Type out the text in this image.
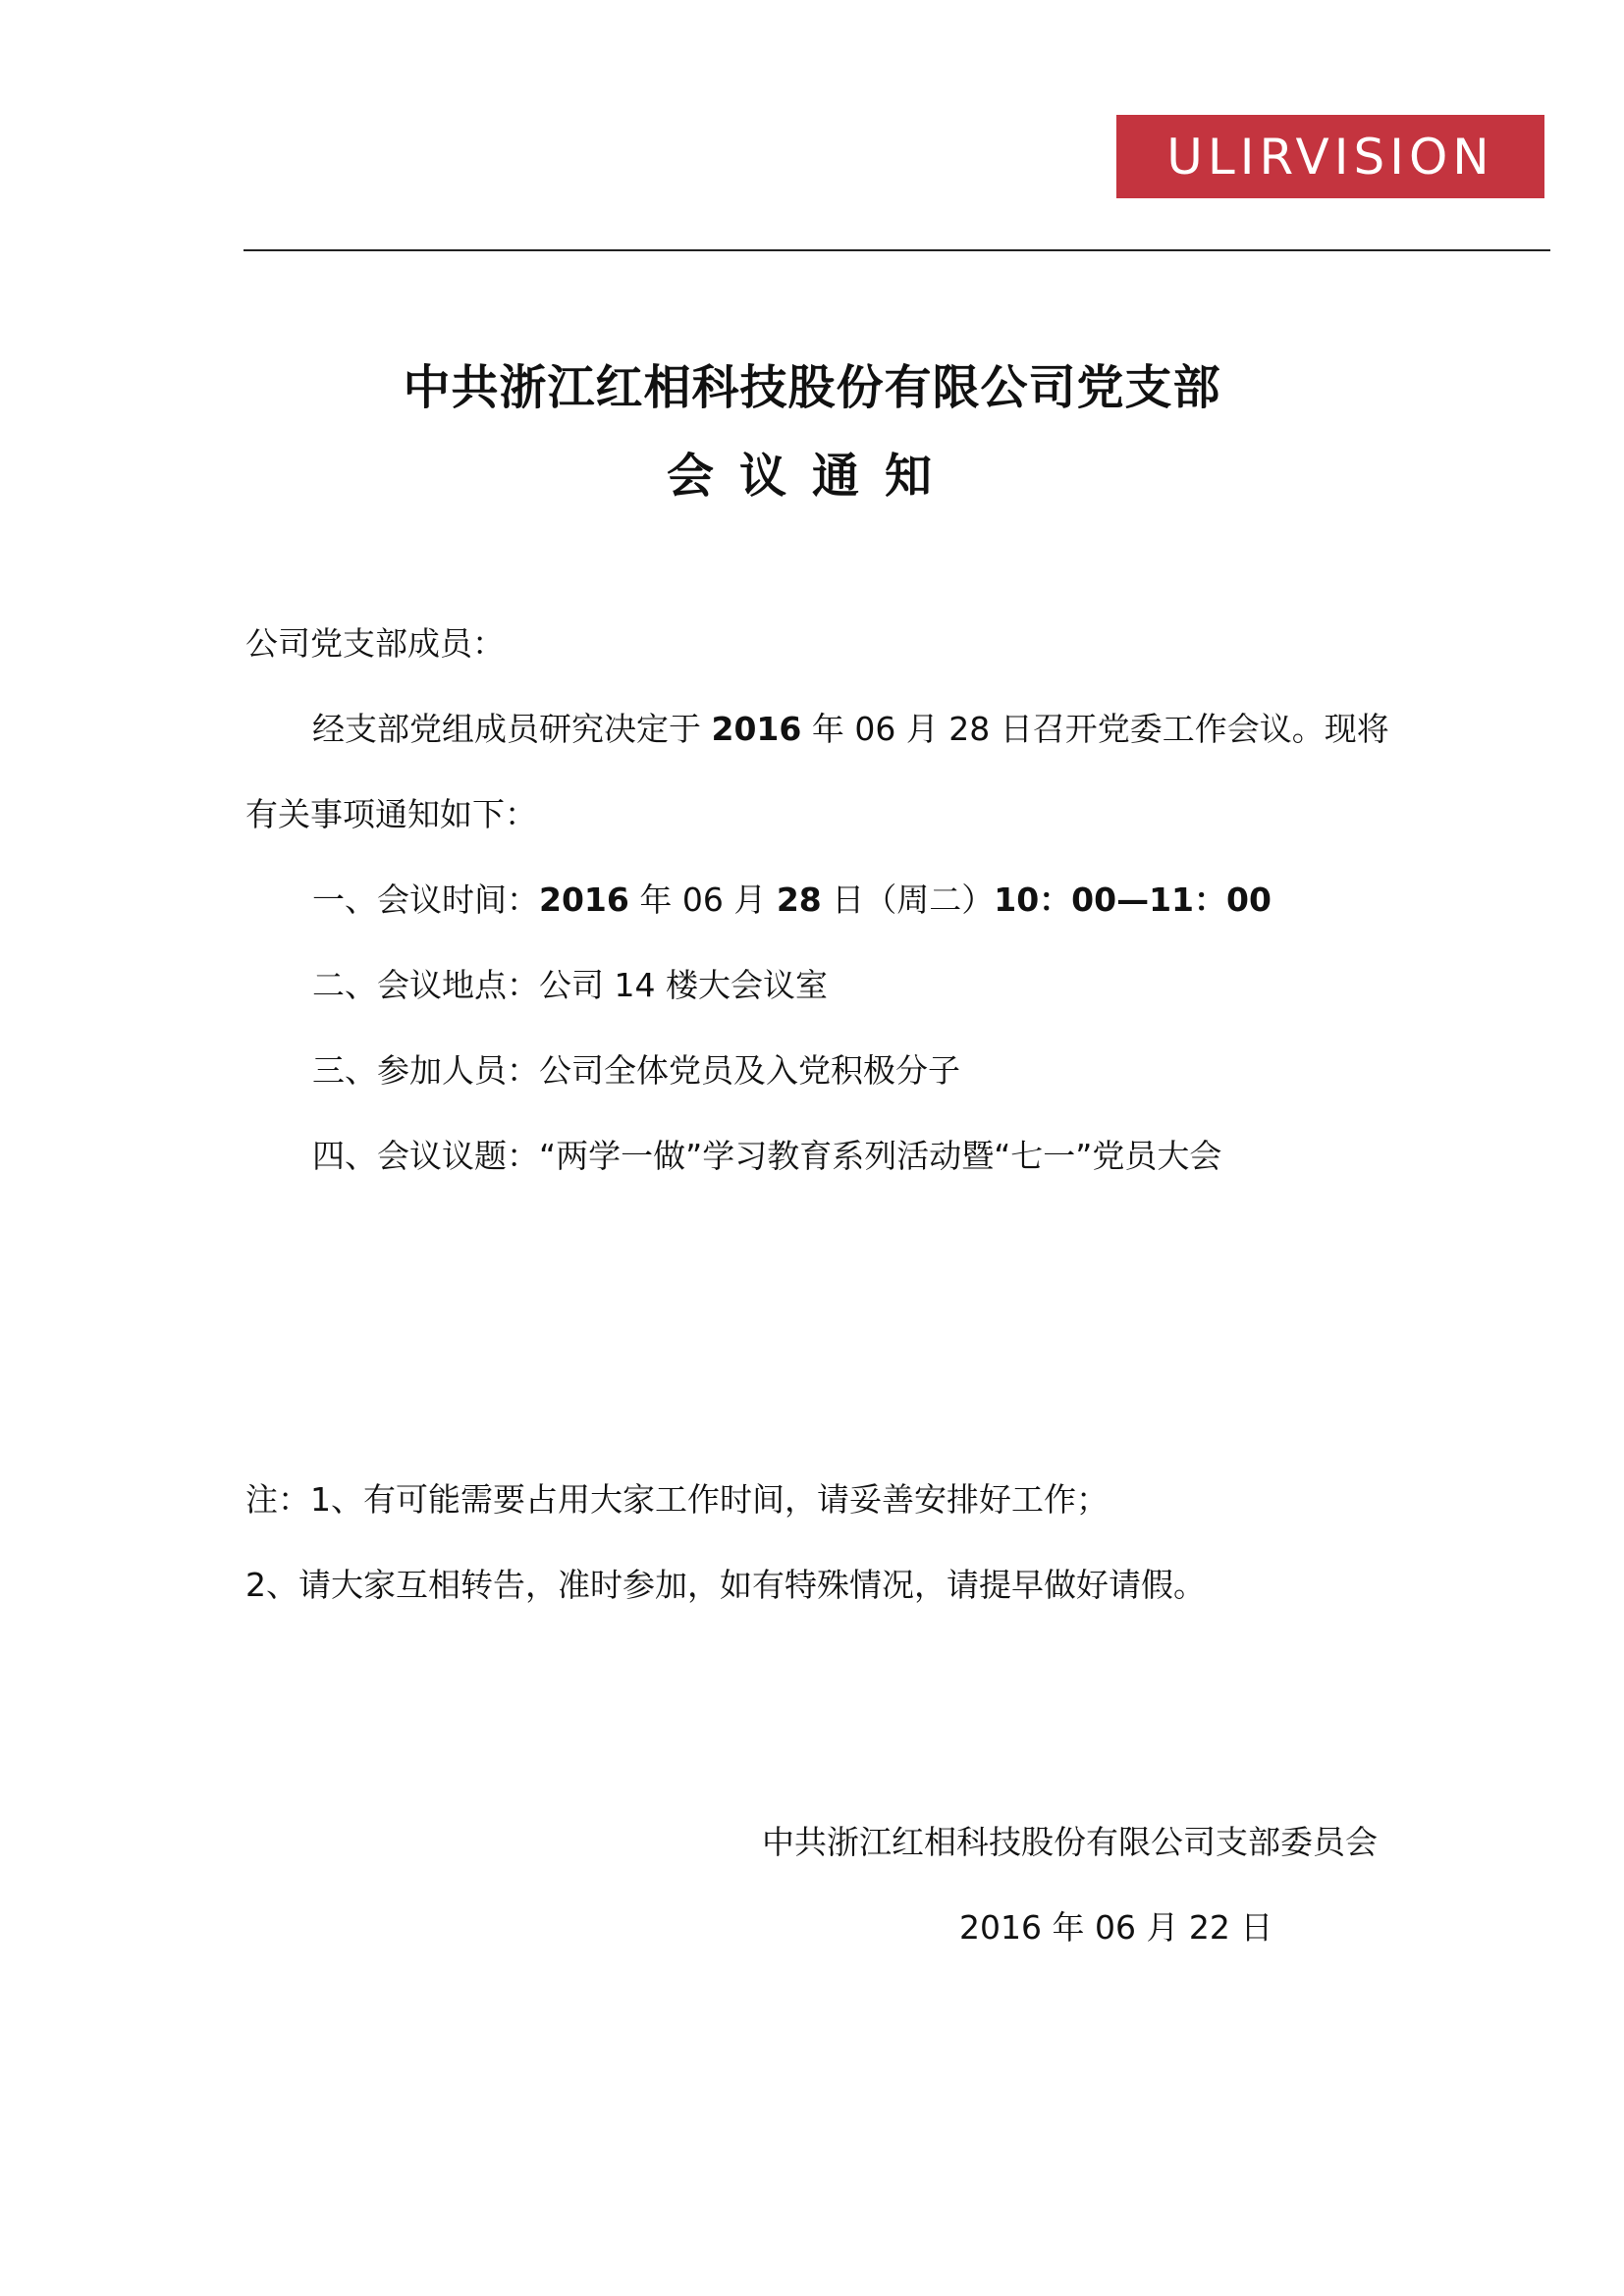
ULIRVISION
中共浙江红相科技股份有限公司党支部
会议通知
公司党支部成员：
经支部党组成员研究决定于 2016 年 06 月 28 日召开党委工作会议。现将
有关事项通知如下：
一、会议时间：2016 年 06 月 28 日（周二）10：00—11：00
二、会议地点：公司 14 楼大会议室
三、参加人员：公司全体党员及入党积极分子
四、会议议题：“两学一做”学习教育系列活动暨“七一”党员大会
注：1、有可能需要占用大家工作时间，请妥善安排好工作；
2、请大家互相转告，准时参加，如有特殊情况，请提早做好请假。
中共浙江红相科技股份有限公司支部委员会
2016 年 06 月 22 日
